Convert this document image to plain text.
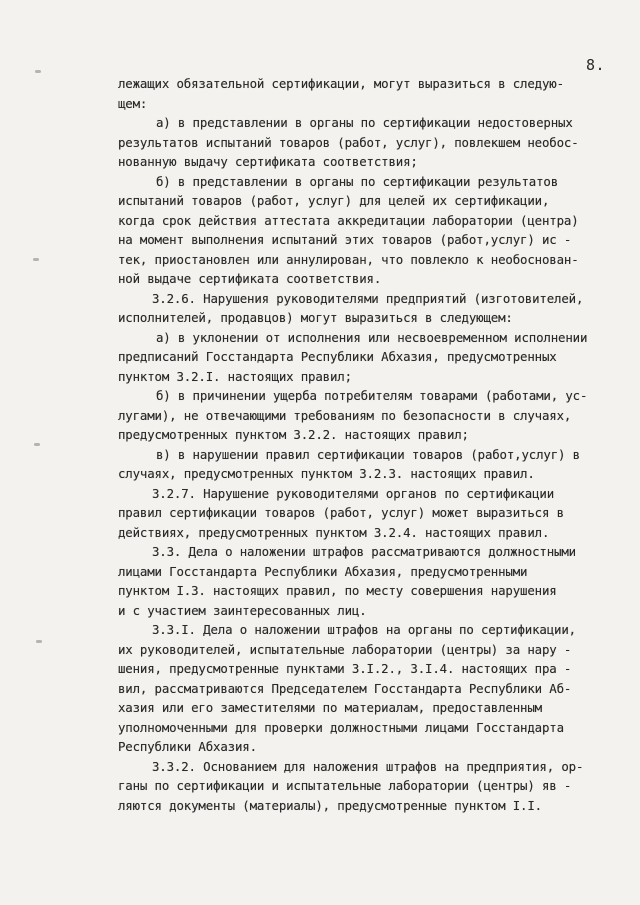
8.
лежащих обязательной сертификации, могут выразиться в следую-
щем:
а) в представлении в органы по сертификации недостоверных
результатов испытаний товаров (работ, услуг), повлекшем необос-
нованную выдачу сертификата соответствия;
б) в представлении в органы по сертификации результатов
испытаний товаров (работ, услуг) для целей их сертификации,
когда срок действия аттестата аккредитации лаборатории (центра)
на момент выполнения испытаний этих товаров (работ,услуг) ис -
тек, приостановлен или аннулирован, что повлекло к необоснован-
ной выдаче сертификата соответствия.
3.2.6. Нарушения руководителями предприятий (изготовителей,
исполнителей, продавцов) могут выразиться в следующем:
а) в уклонении от исполнения или несвоевременном исполнении
предписаний Госстандарта Республики Абхазия, предусмотренных
пунктом 3.2.I. настоящих правил;
б) в причинении ущерба потребителям товарами (работами, ус-
лугами), не отвечающими требованиям по безопасности в случаях,
предусмотренных пунктом 3.2.2. настоящих правил;
в) в нарушении правил сертификации товаров (работ,услуг) в
случаях, предусмотренных пунктом 3.2.3. настоящих правил.
3.2.7. Нарушение руководителями органов по сертификации
правил сертификации товаров (работ, услуг) может выразиться в
действиях, предусмотренных пунктом 3.2.4. настоящих правил.
3.3. Дела о наложении штрафов рассматриваются должностными
лицами Госстандарта Республики Абхазия, предусмотренными
пунктом I.3. настоящих правил, по месту совершения нарушения
и с участием заинтересованных лиц.
3.3.I. Дела о наложении штрафов на органы по сертификации,
их руководителей, испытательные лаборатории (центры) за нару -
шения, предусмотренные пунктами 3.I.2., 3.I.4. настоящих пра -
вил, рассматриваются Председателем Госстандарта Республики Аб-
хазия или его заместителями по материалам, предоставленным
уполномоченными для проверки должностными лицами Госстандарта
Республики Абхазия.
3.3.2. Основанием для наложения штрафов на предприятия, ор-
ганы по сертификации и испытательные лаборатории (центры) яв -
ляются документы (материалы), предусмотренные пунктом I.I.
